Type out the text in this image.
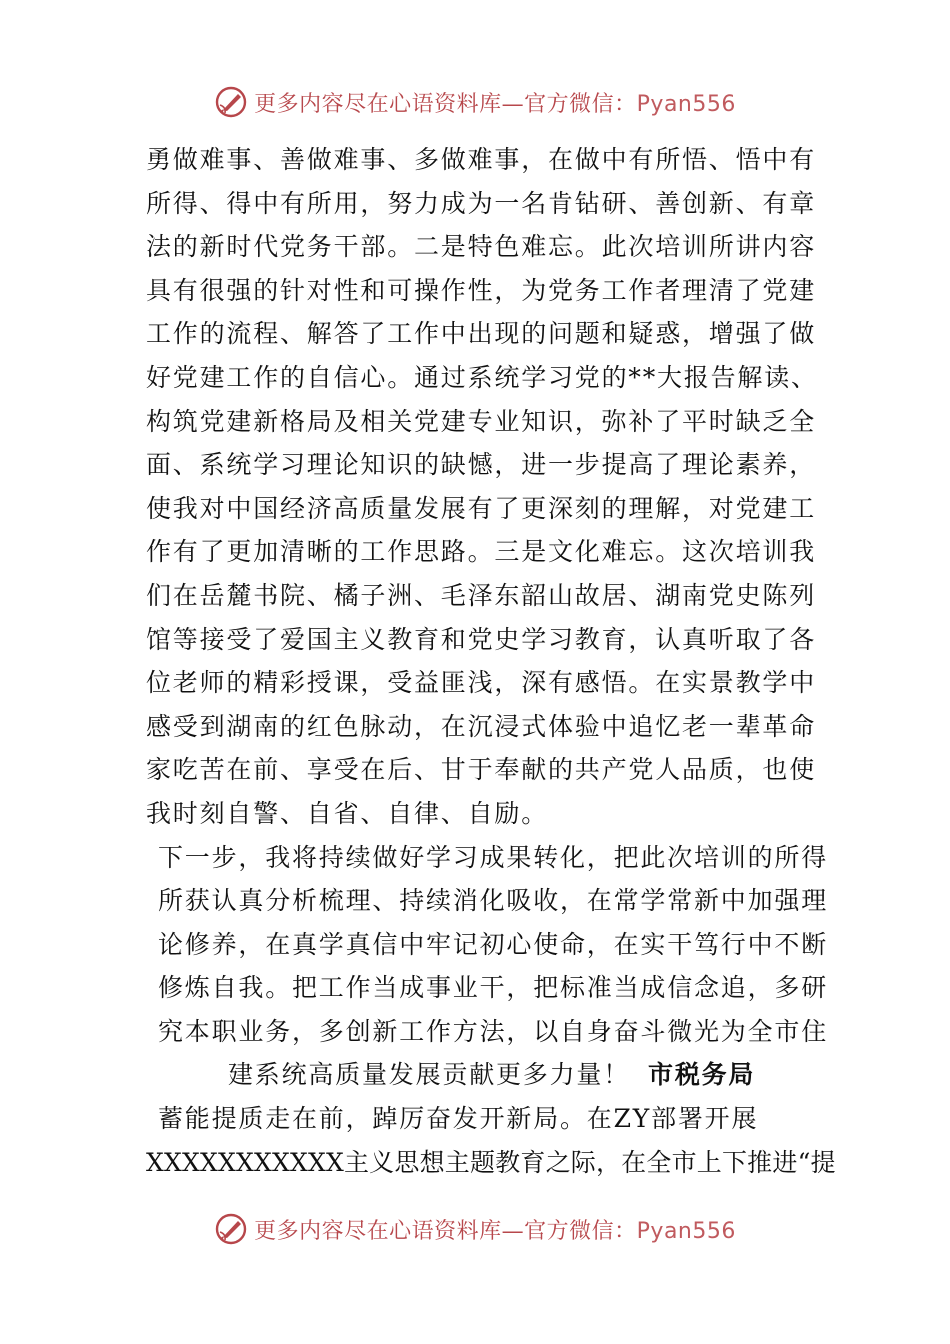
更多内容尽在心语资料库—官方微信：Pyan556
勇做难事、善做难事、多做难事，在做中有所悟、悟中有
所得、得中有所用，努力成为一名肯钻研、善创新、有章
法的新时代党务干部。二是特色难忘。此次培训所讲内容
具有很强的针对性和可操作性，为党务工作者理清了党建
工作的流程、解答了工作中出现的问题和疑惑，增强了做
好党建工作的自信心。通过系统学习党的**大报告解读、
构筑党建新格局及相关党建专业知识，弥补了平时缺乏全
面、系统学习理论知识的缺憾，进一步提高了理论素养，
使我对中国经济高质量发展有了更深刻的理解，对党建工
作有了更加清晰的工作思路。三是文化难忘。这次培训我
们在岳麓书院、橘子洲、毛泽东韶山故居、湖南党史陈列
馆等接受了爱国主义教育和党史学习教育，认真听取了各
位老师的精彩授课，受益匪浅，深有感悟。在实景教学中
感受到湖南的红色脉动，在沉浸式体验中追忆老一辈革命
家吃苦在前、享受在后、甘于奉献的共产党人品质，也使
我时刻自警、自省、自律、自励。
下一步，我将持续做好学习成果转化，把此次培训的所得
所获认真分析梳理、持续消化吸收，在常学常新中加强理
论修养，在真学真信中牢记初心使命，在实干笃行中不断
修炼自我。把工作当成事业干，把标准当成信念追，多研
究本职业务，多创新工作方法，以自身奋斗微光为全市住
建系统高质量发展贡献更多力量！ 市税务局
蓄能提质走在前，踔厉奋发开新局。在ZY部署开展
XXXXXXXXXXX主义思想主题教育之际，在全市上下推进“提
更多内容尽在心语资料库—官方微信：Pyan556
